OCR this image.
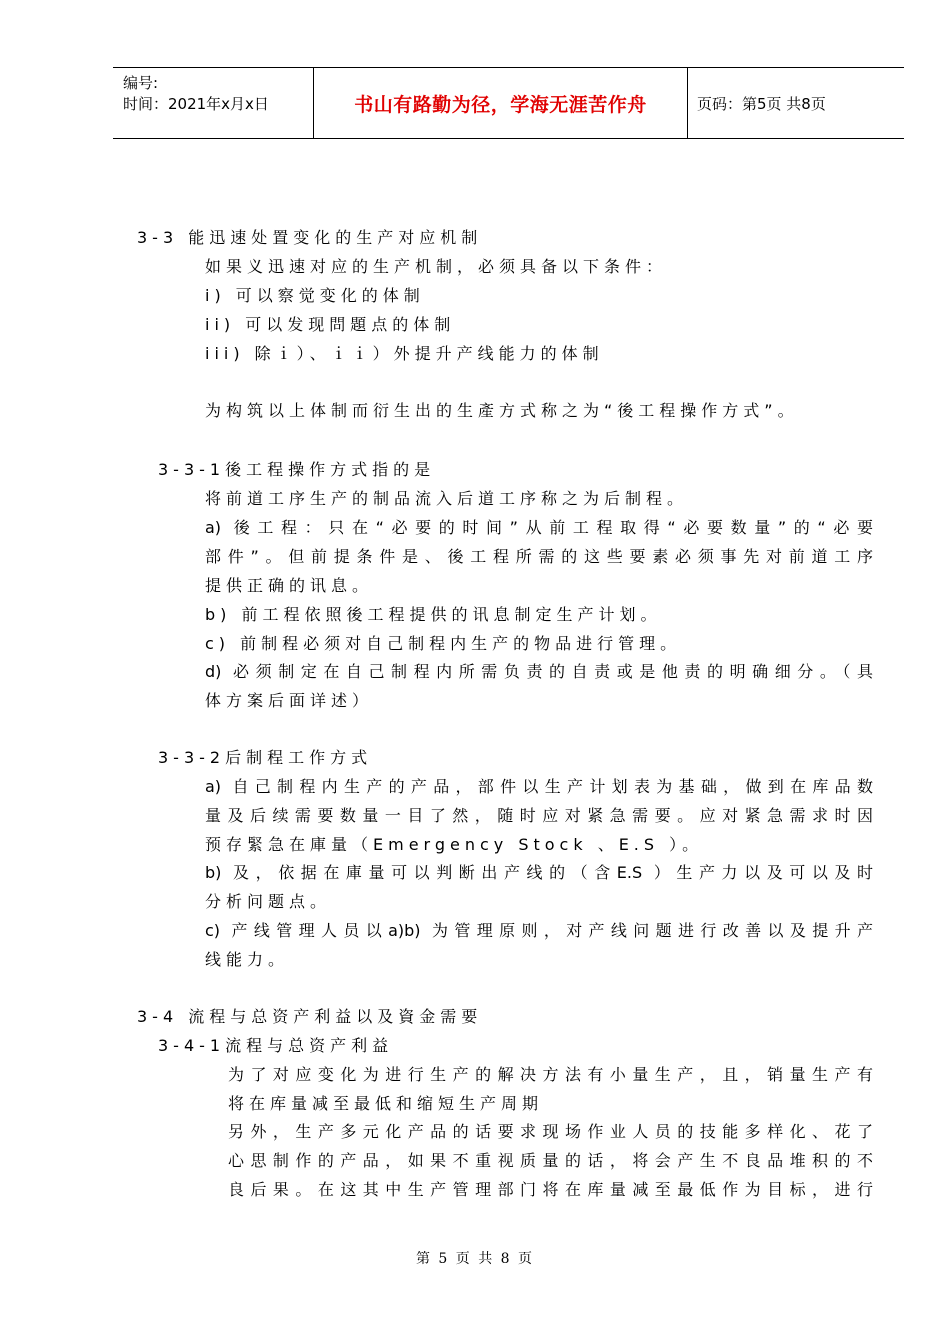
编号:
时间：2021年x月x日	书山有路勤为径，学海无涯苦作舟	页码：第5页 共8页
3-3 能迅速处置变化的生产对应机制
如果义迅速对应的生产机制，必须具备以下条件：
i) 可以察觉变化的体制
ii) 可以发现問題点的体制
iii) 除ｉ）、ｉｉ）外提升产线能力的体制
为构筑以上体制而衍生出的生產方式称之为“後工程操作方式”。
3-3-1後工程操作方式指的是
将前道工序生产的制品流入后道工序称之为后制程。
a) 後工程：只在“必要的时间”从前工程取得“必要数量”的“必要
部件”。但前提条件是、後工程所需的这些要素必须事先对前道工序
提供正确的讯息。
b) 前工程依照後工程提供的讯息制定生产计划。
c) 前制程必须对自己制程内生产的物品进行管理。
d) 必须制定在自己制程内所需负责的自责或是他责的明确细分。（具
体方案后面详述）
3-3-2后制程工作方式
a) 自己制程内生产的产品，部件以生产计划表为基础，做到在库品数
量及后续需要数量一目了然，随时应对紧急需要。应对紧急需求时因
预存緊急在庫量（Emergency Stock 、E.S ）。
b) 及，依据在庫量可以判断出产线的（含E.S ）生产力以及可以及时
分析问题点。
c) 产线管理人员以a)b) 为管理原则，对产线问题进行改善以及提升产
线能力。
3-4 流程与总资产利益以及資金需要
3-4-1流程与总资产利益
为了对应变化为进行生产的解决方法有小量生产，且，销量生产有
将在库量减至最低和缩短生产周期
另外，生产多元化产品的话要求现场作业人员的技能多样化、花了
心思制作的产品，如果不重视质量的话，将会产生不良品堆积的不
良后果。在这其中生产管理部门将在库量减至最低作为目标，进行
第 5 页 共 8 页
